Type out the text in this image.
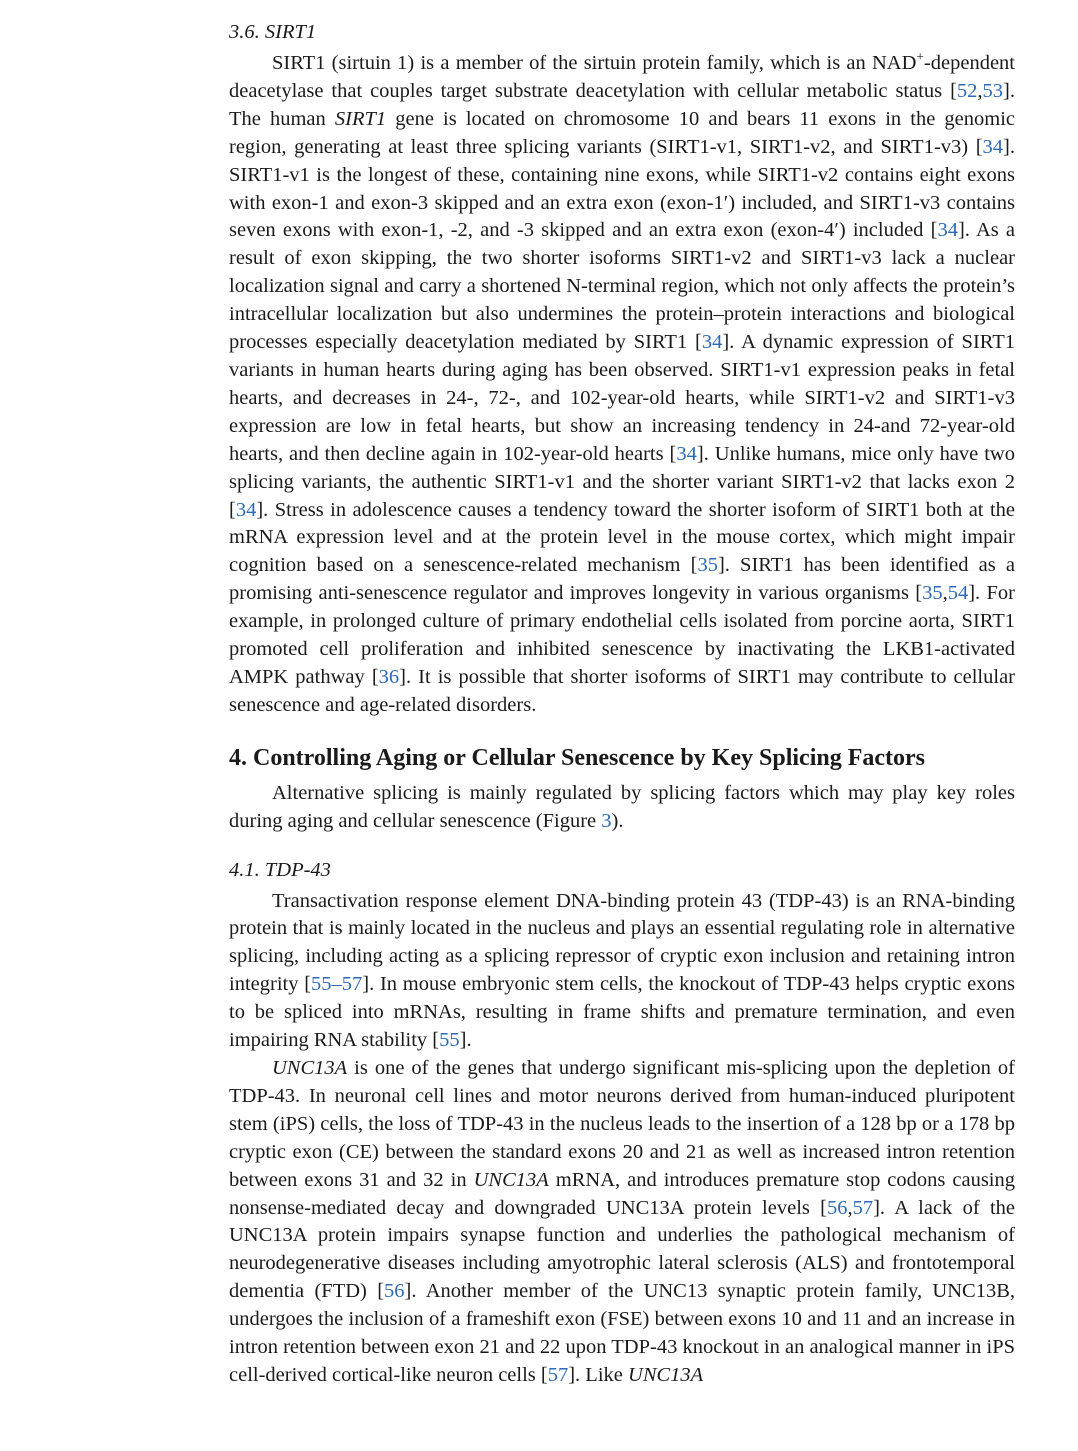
3.6. SIRT1

SIRT1 (sirtuin 1) is a member of the sirtuin protein family, which is an NAD+-dependent deacetylase that couples target substrate deacetylation with cellular metabolic status [52,53]. The human SIRT1 gene is located on chromosome 10 and bears 11 exons in the genomic region, generating at least three splicing variants (SIRT1-v1, SIRT1-v2, and SIRT1-v3) [34]. SIRT1-v1 is the longest of these, containing nine exons, while SIRT1-v2 contains eight exons with exon-1 and exon-3 skipped and an extra exon (exon-1′) included, and SIRT1-v3 contains seven exons with exon-1, -2, and -3 skipped and an extra exon (exon-4′) included [34]. As a result of exon skipping, the two shorter isoforms SIRT1-v2 and SIRT1-v3 lack a nuclear localization signal and carry a shortened N-terminal region, which not only affects the protein’s intracellular localization but also undermines the protein–protein interactions and biological processes especially deacetylation mediated by SIRT1 [34]. A dynamic expression of SIRT1 variants in human hearts during aging has been observed. SIRT1-v1 expression peaks in fetal hearts, and decreases in 24-, 72-, and 102-year-old hearts, while SIRT1-v2 and SIRT1-v3 expression are low in fetal hearts, but show an increasing tendency in 24-and 72-year-old hearts, and then decline again in 102-year-old hearts [34]. Unlike humans, mice only have two splicing variants, the authentic SIRT1-v1 and the shorter variant SIRT1-v2 that lacks exon 2 [34]. Stress in adolescence causes a tendency toward the shorter isoform of SIRT1 both at the mRNA expression level and at the protein level in the mouse cortex, which might impair cognition based on a senescence-related mechanism [35]. SIRT1 has been identified as a promising anti-senescence regulator and improves longevity in various organisms [35,54]. For example, in prolonged culture of primary endothelial cells isolated from porcine aorta, SIRT1 promoted cell proliferation and inhibited senescence by inactivating the LKB1-activated AMPK pathway [36]. It is possible that shorter isoforms of SIRT1 may contribute to cellular senescence and age-related disorders.

4. Controlling Aging or Cellular Senescence by Key Splicing Factors

Alternative splicing is mainly regulated by splicing factors which may play key roles during aging and cellular senescence (Figure 3).

4.1. TDP-43

Transactivation response element DNA-binding protein 43 (TDP-43) is an RNA-binding protein that is mainly located in the nucleus and plays an essential regulating role in alternative splicing, including acting as a splicing repressor of cryptic exon inclusion and retaining intron integrity [55–57]. In mouse embryonic stem cells, the knockout of TDP-43 helps cryptic exons to be spliced into mRNAs, resulting in frame shifts and premature termination, and even impairing RNA stability [55].

UNC13A is one of the genes that undergo significant mis-splicing upon the depletion of TDP-43. In neuronal cell lines and motor neurons derived from human-induced pluripotent stem (iPS) cells, the loss of TDP-43 in the nucleus leads to the insertion of a 128 bp or a 178 bp cryptic exon (CE) between the standard exons 20 and 21 as well as increased intron retention between exons 31 and 32 in UNC13A mRNA, and introduces premature stop codons causing nonsense-mediated decay and downgraded UNC13A protein levels [56,57]. A lack of the UNC13A protein impairs synapse function and underlies the pathological mechanism of neurodegenerative diseases including amyotrophic lateral sclerosis (ALS) and frontotemporal dementia (FTD) [56]. Another member of the UNC13 synaptic protein family, UNC13B, undergoes the inclusion of a frameshift exon (FSE) between exons 10 and 11 and an increase in intron retention between exon 21 and 22 upon TDP-43 knockout in an analogical manner in iPS cell-derived cortical-like neuron cells [57]. Like UNC13A
